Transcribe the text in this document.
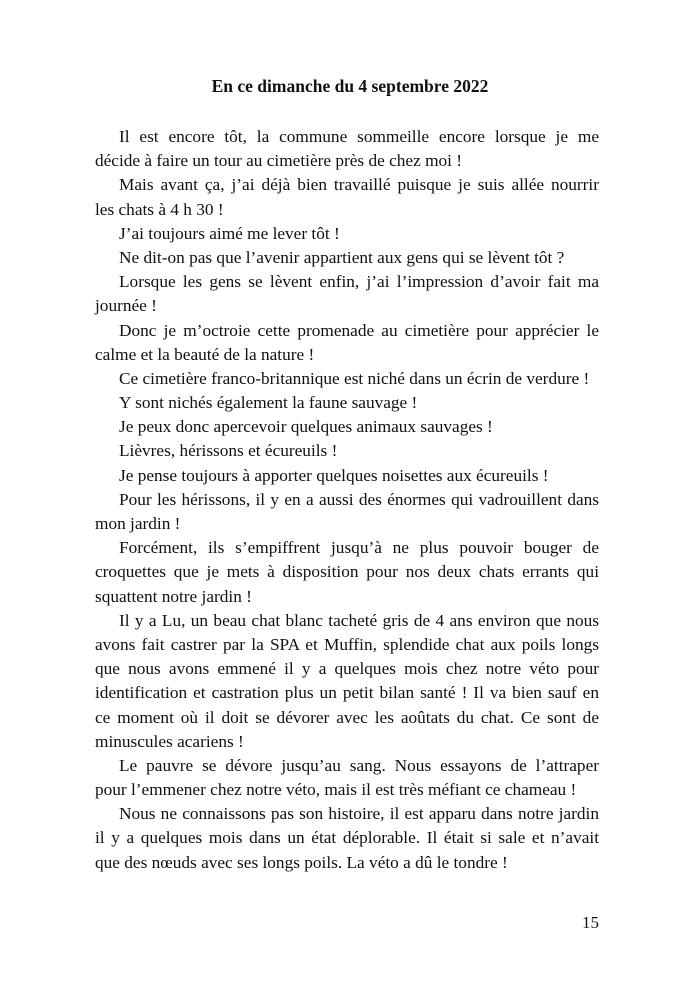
En ce dimanche du 4 septembre 2022
Il est encore tôt, la commune sommeille encore lorsque je me
décide à faire un tour au cimetière près de chez moi !
Mais avant ça, j’ai déjà bien travaillé puisque je suis allée nourrir
les chats à 4 h 30 !
J’ai toujours aimé me lever tôt !
Ne dit-on pas que l’avenir appartient aux gens qui se lèvent tôt ?
Lorsque les gens se lèvent enfin, j’ai l’impression d’avoir fait ma
journée !
Donc je m’octroie cette promenade au cimetière pour apprécier le
calme et la beauté de la nature !
Ce cimetière franco-britannique est niché dans un écrin de verdure !
Y sont nichés également la faune sauvage !
Je peux donc apercevoir quelques animaux sauvages !
Lièvres, hérissons et écureuils !
Je pense toujours à apporter quelques noisettes aux écureuils !
Pour les hérissons, il y en a aussi des énormes qui vadrouillent dans
mon jardin !
Forcément, ils s’empiffrent jusqu’à ne plus pouvoir bouger de
croquettes que je mets à disposition pour nos deux chats errants qui
squattent notre jardin !
Il y a Lu, un beau chat blanc tacheté gris de 4 ans environ que nous
avons fait castrer par la SPA et Muffin, splendide chat aux poils longs
que nous avons emmené il y a quelques mois chez notre véto pour
identification et castration plus un petit bilan santé ! Il va bien sauf en
ce moment où il doit se dévorer avec les aoûtats du chat. Ce sont de
minuscules acariens !
Le pauvre se dévore jusqu’au sang. Nous essayons de l’attraper
pour l’emmener chez notre véto, mais il est très méfiant ce chameau !
Nous ne connaissons pas son histoire, il est apparu dans notre jardin
il y a quelques mois dans un état déplorable. Il était si sale et n’avait
que des nœuds avec ses longs poils. La véto a dû le tondre !
15
